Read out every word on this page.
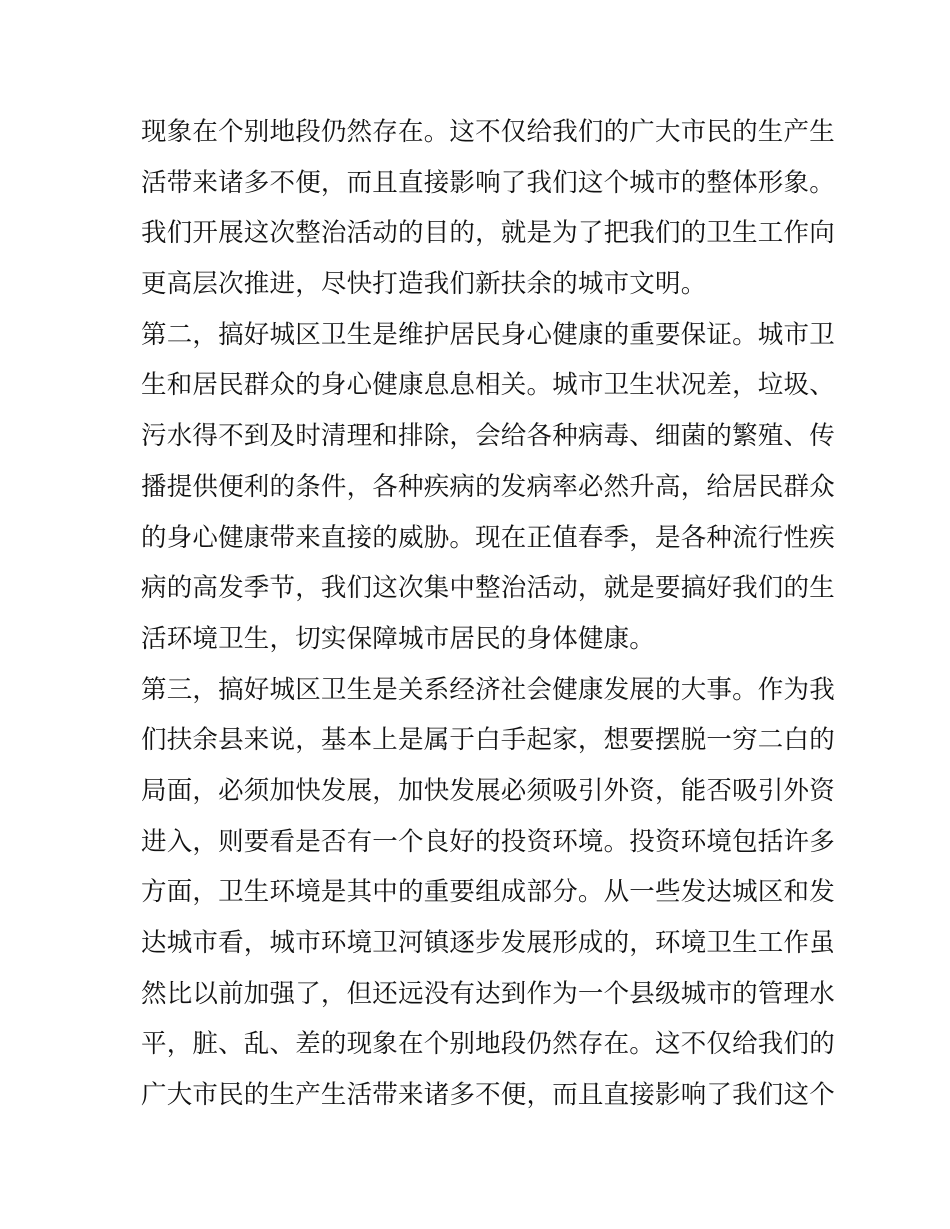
现象在个别地段仍然存在。这不仅给我们的广大市民的生产生
活带来诸多不便，而且直接影响了我们这个城市的整体形象。
我们开展这次整治活动的目的，就是为了把我们的卫生工作向
更高层次推进，尽快打造我们新扶余的城市文明。
第二，搞好城区卫生是维护居民身心健康的重要保证。城市卫
生和居民群众的身心健康息息相关。城市卫生状况差，垃圾、
污水得不到及时清理和排除，会给各种病毒、细菌的繁殖、传
播提供便利的条件，各种疾病的发病率必然升高，给居民群众
的身心健康带来直接的威胁。现在正值春季，是各种流行性疾
病的高发季节，我们这次集中整治活动，就是要搞好我们的生
活环境卫生，切实保障城市居民的身体健康。
第三，搞好城区卫生是关系经济社会健康发展的大事。作为我
们扶余县来说，基本上是属于白手起家，想要摆脱一穷二白的
局面，必须加快发展，加快发展必须吸引外资，能否吸引外资
进入，则要看是否有一个良好的投资环境。投资环境包括许多
方面，卫生环境是其中的重要组成部分。从一些发达城区和发
达城市看，城市环境卫河镇逐步发展形成的，环境卫生工作虽
然比以前加强了，但还远没有达到作为一个县级城市的管理水
平，脏、乱、差的现象在个别地段仍然存在。这不仅给我们的
广大市民的生产生活带来诸多不便，而且直接影响了我们这个
